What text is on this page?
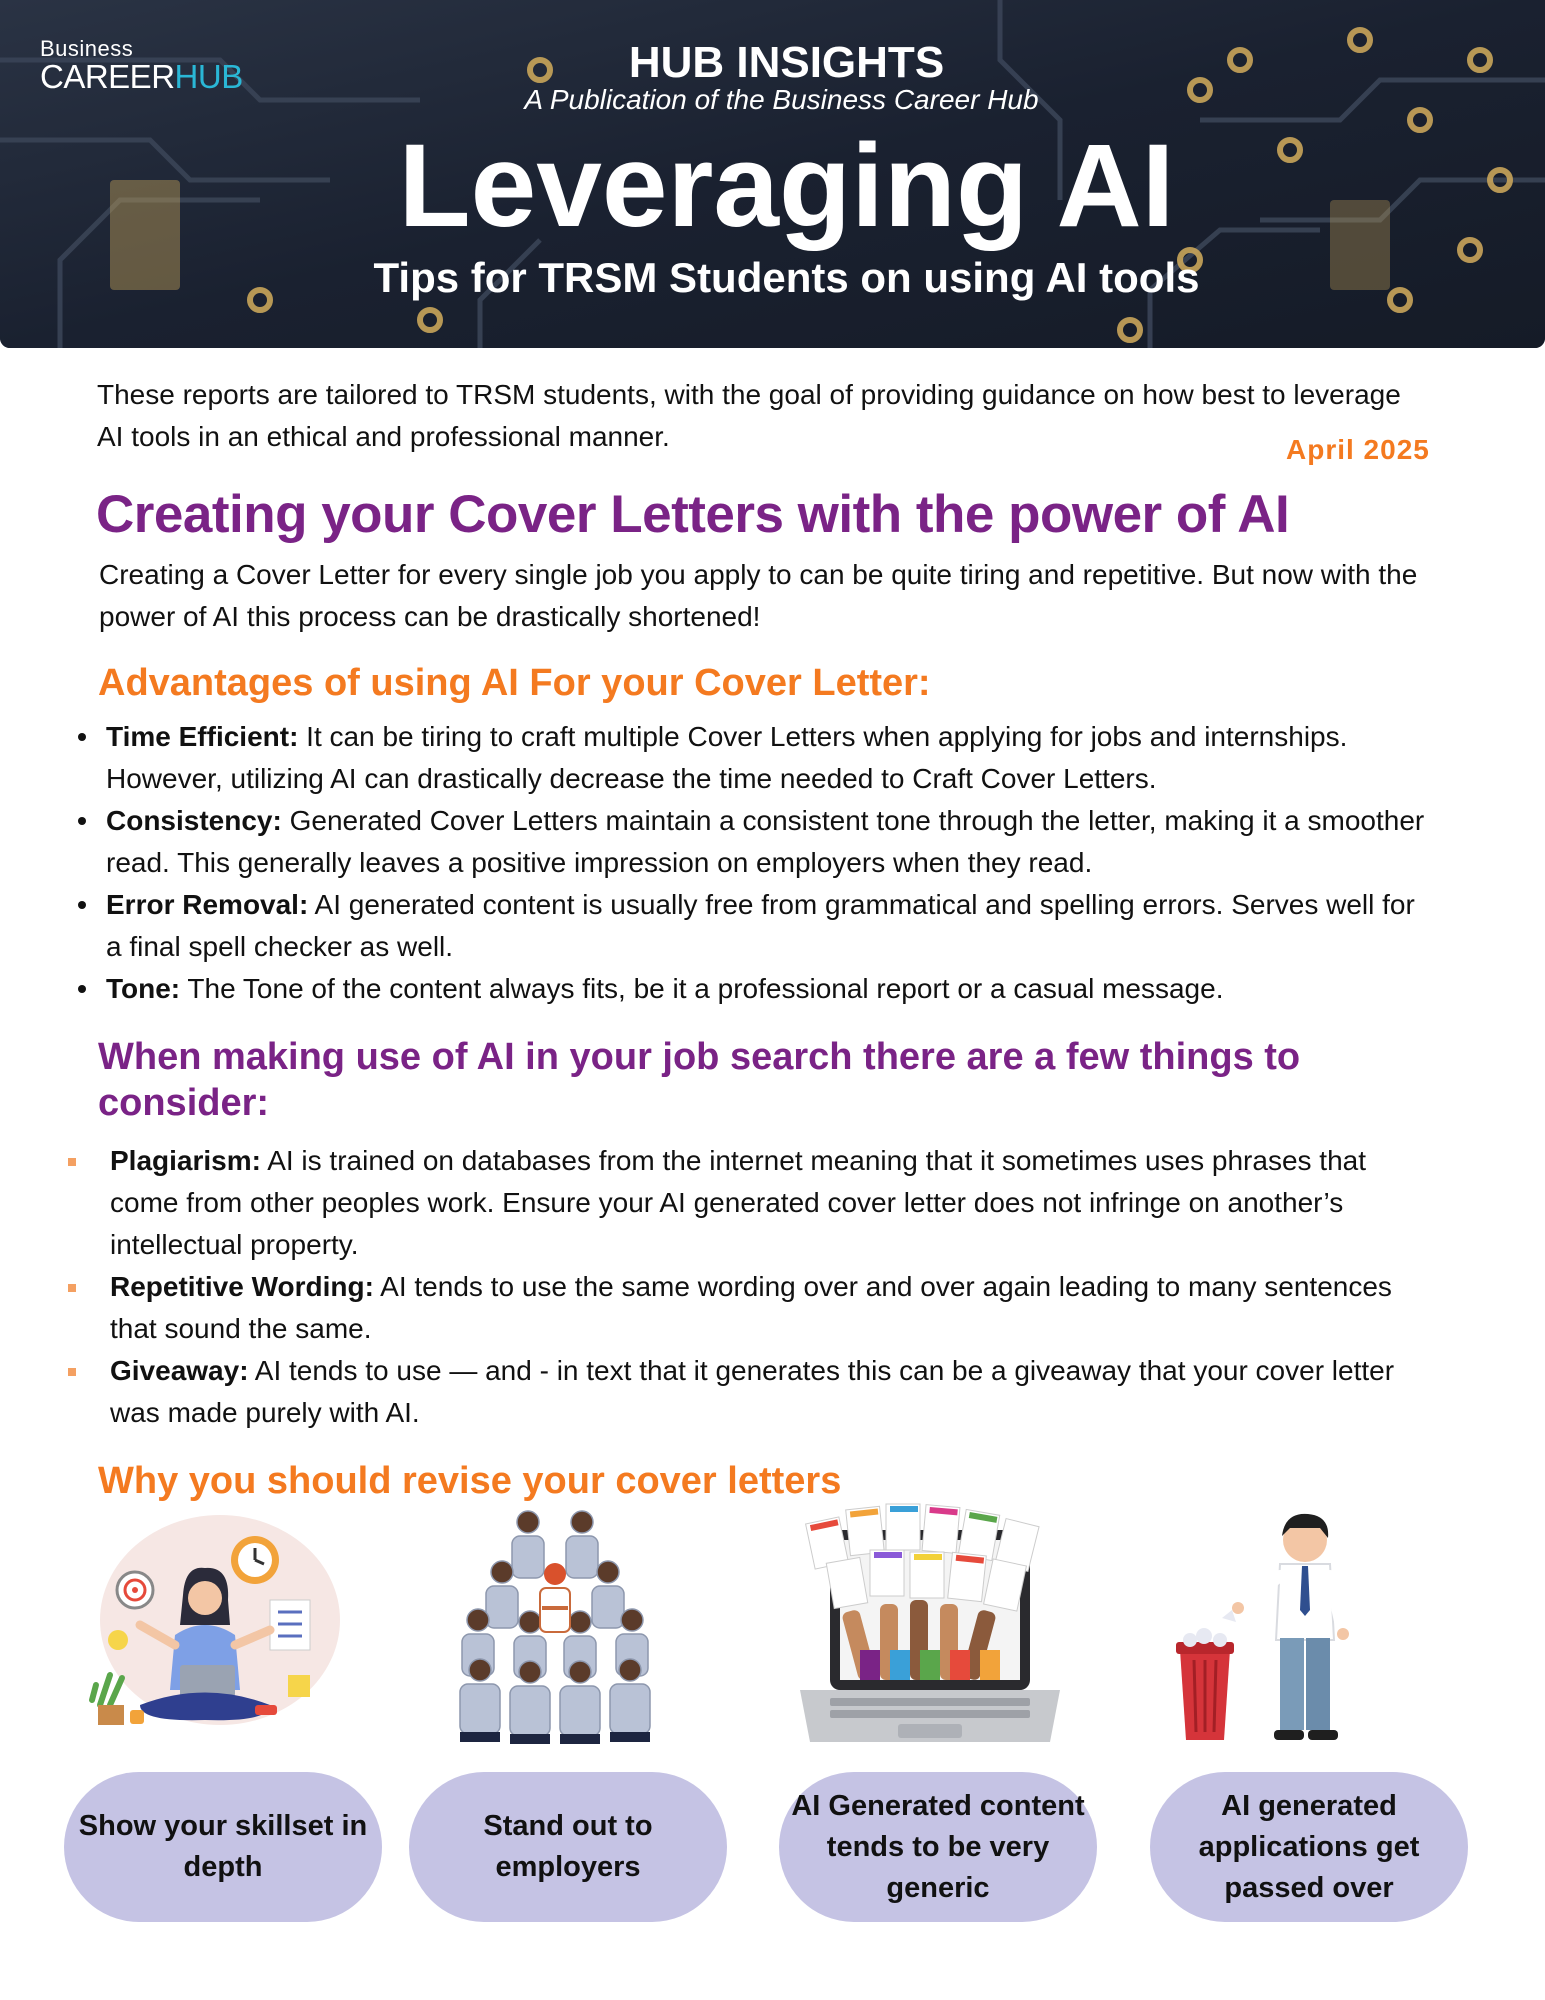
Business
CAREERHUB	HUB INSIGHTS
A Publication of the Business Career Hub
Leveraging AI
Tips for TRSM Students on using AI tools
These reports are tailored to TRSM students, with the goal of providing guidance on how best to leverage AI tools in an ethical and professional manner.	April 2025
Creating your Cover Letters with the power of AI
Creating a Cover Letter for every single job you apply to can be quite tiring and repetitive. But now with the power of AI this process can be drastically shortened!
Advantages of using AI For your Cover Letter:
Time Efficient: It can be tiring to craft multiple Cover Letters when applying for jobs and internships. However, utilizing AI can drastically decrease the time needed to Craft Cover Letters.
Consistency: Generated Cover Letters maintain a consistent tone through the letter, making it a smoother read. This generally leaves a positive impression on employers when they read.
Error Removal: AI generated content is usually free from grammatical and spelling errors. Serves well for a final spell checker as well.
Tone: The Tone of the content always fits, be it a professional report or a casual message.
When making use of AI in your job search there are a few things to consider:
Plagiarism: AI is trained on databases from the internet meaning that it sometimes uses phrases that come from other peoples work. Ensure your AI generated cover letter does not infringe on another’s intellectual property.
Repetitive Wording: AI tends to use the same wording over and over again leading to many sentences that sound the same.
Giveaway: AI tends to use — and - in text that it generates this can be a giveaway that your cover letter was made purely with AI.
Why you should revise your cover letters
Show your skillset in depth
Stand out to employers
AI Generated content tends to be very generic
AI generated applications get passed over
